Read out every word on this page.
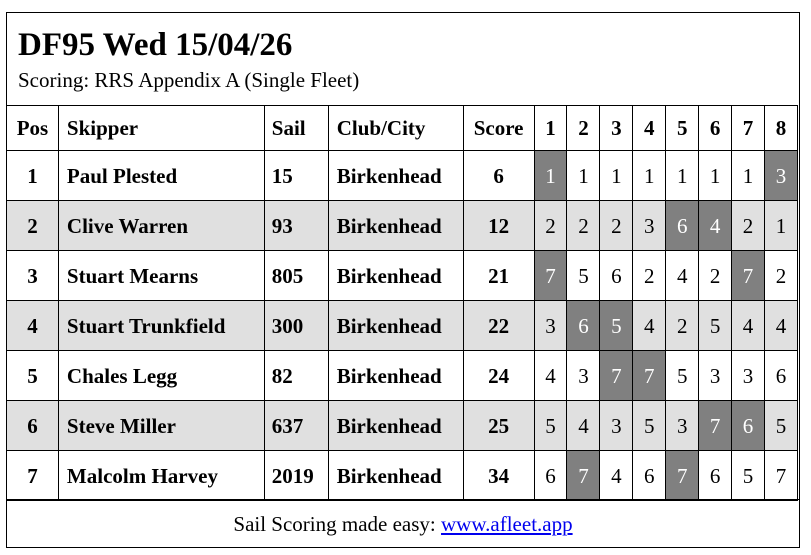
DF95 Wed 15/04/26
Scoring: RRS Appendix A (Single Fleet)
Pos	Skipper	Sail	Club/City	Score	1	2	3	4	5	6	7	8
1	Paul Plested	15	Birkenhead	6	1	1	1	1	1	1	1	3
2	Clive Warren	93	Birkenhead	12	2	2	2	3	6	4	2	1
3	Stuart Mearns	805	Birkenhead	21	7	5	6	2	4	2	7	2
4	Stuart Trunkfield	300	Birkenhead	22	3	6	5	4	2	5	4	4
5	Chales Legg	82	Birkenhead	24	4	3	7	7	5	3	3	6
6	Steve Miller	637	Birkenhead	25	5	4	3	5	3	7	6	5
7	Malcolm Harvey	2019	Birkenhead	34	6	7	4	6	7	6	5	7
Sail Scoring made easy: www.afleet.app
